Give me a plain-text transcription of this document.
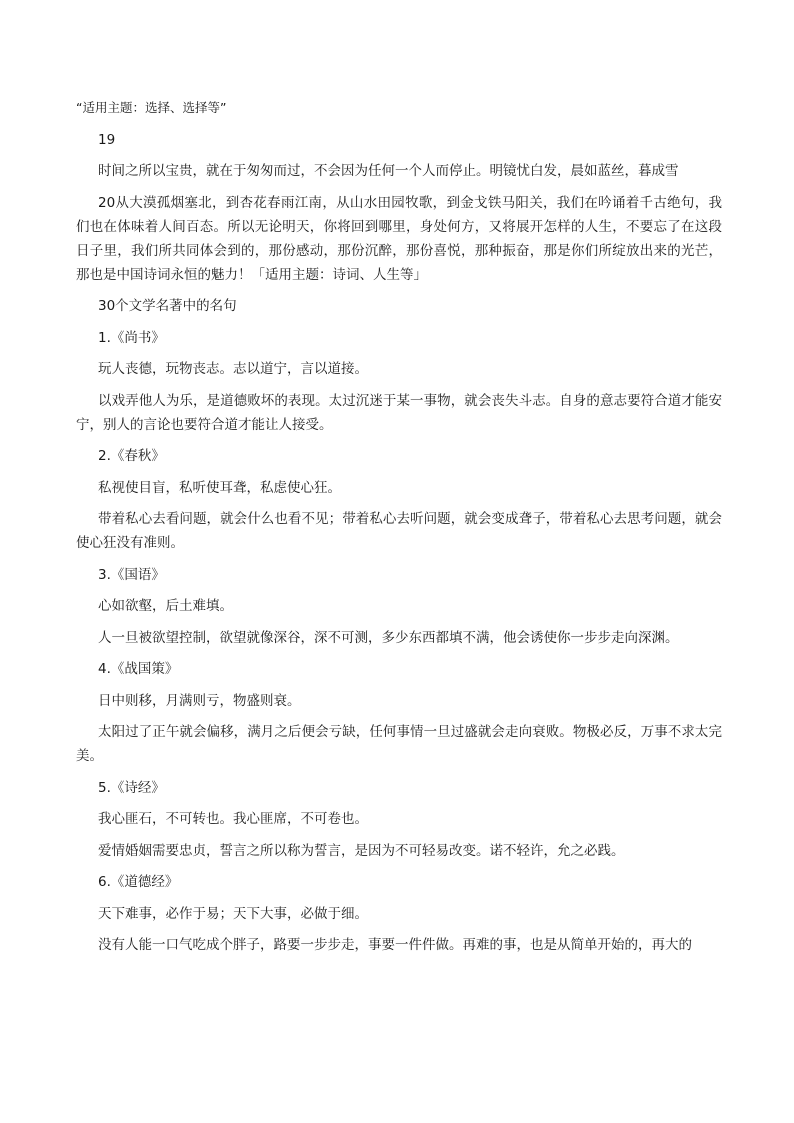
“适用主题：选择、选择等”

19

时间之所以宝贵，就在于匆匆而过，不会因为任何一个人而停止。明镜忧白发，晨如蓝丝，暮成雪

20从大漠孤烟塞北，到杏花春雨江南，从山水田园牧歌，到金戈铁马阳关，我们在吟诵着千古绝句，我们也在体味着人间百态。所以无论明天，你将回到哪里，身处何方，又将展开怎样的人生，不要忘了在这段日子里，我们所共同体会到的，那份感动，那份沉醉，那份喜悦，那种振奋，那是你们所绽放出来的光芒，那也是中国诗词永恒的魅力！「适用主题：诗词、人生等」

30个文学名著中的名句

1.《尚书》

玩人丧德，玩物丧志。志以道宁，言以道接。

以戏弄他人为乐，是道德败坏的表现。太过沉迷于某一事物，就会丧失斗志。自身的意志要符合道才能安宁，别人的言论也要符合道才能让人接受。

2.《春秋》

私视使目盲，私听使耳聋，私虑使心狂。

带着私心去看问题，就会什么也看不见；带着私心去听问题，就会变成聋子，带着私心去思考问题，就会使心狂没有准则。

3.《国语》

心如欲壑，后土难填。

人一旦被欲望控制，欲望就像深谷，深不可测，多少东西都填不满，他会诱使你一步步走向深渊。

4.《战国策》

日中则移，月满则亏，物盛则衰。

太阳过了正午就会偏移，满月之后便会亏缺，任何事情一旦过盛就会走向衰败。物极必反，万事不求太完美。

5.《诗经》

我心匪石，不可转也。我心匪席，不可卷也。

爱情婚姻需要忠贞，誓言之所以称为誓言，是因为不可轻易改变。诺不轻许，允之必践。

6.《道德经》

天下难事，必作于易；天下大事，必做于细。

没有人能一口气吃成个胖子，路要一步步走，事要一件件做。再难的事，也是从简单开始的，再大的
